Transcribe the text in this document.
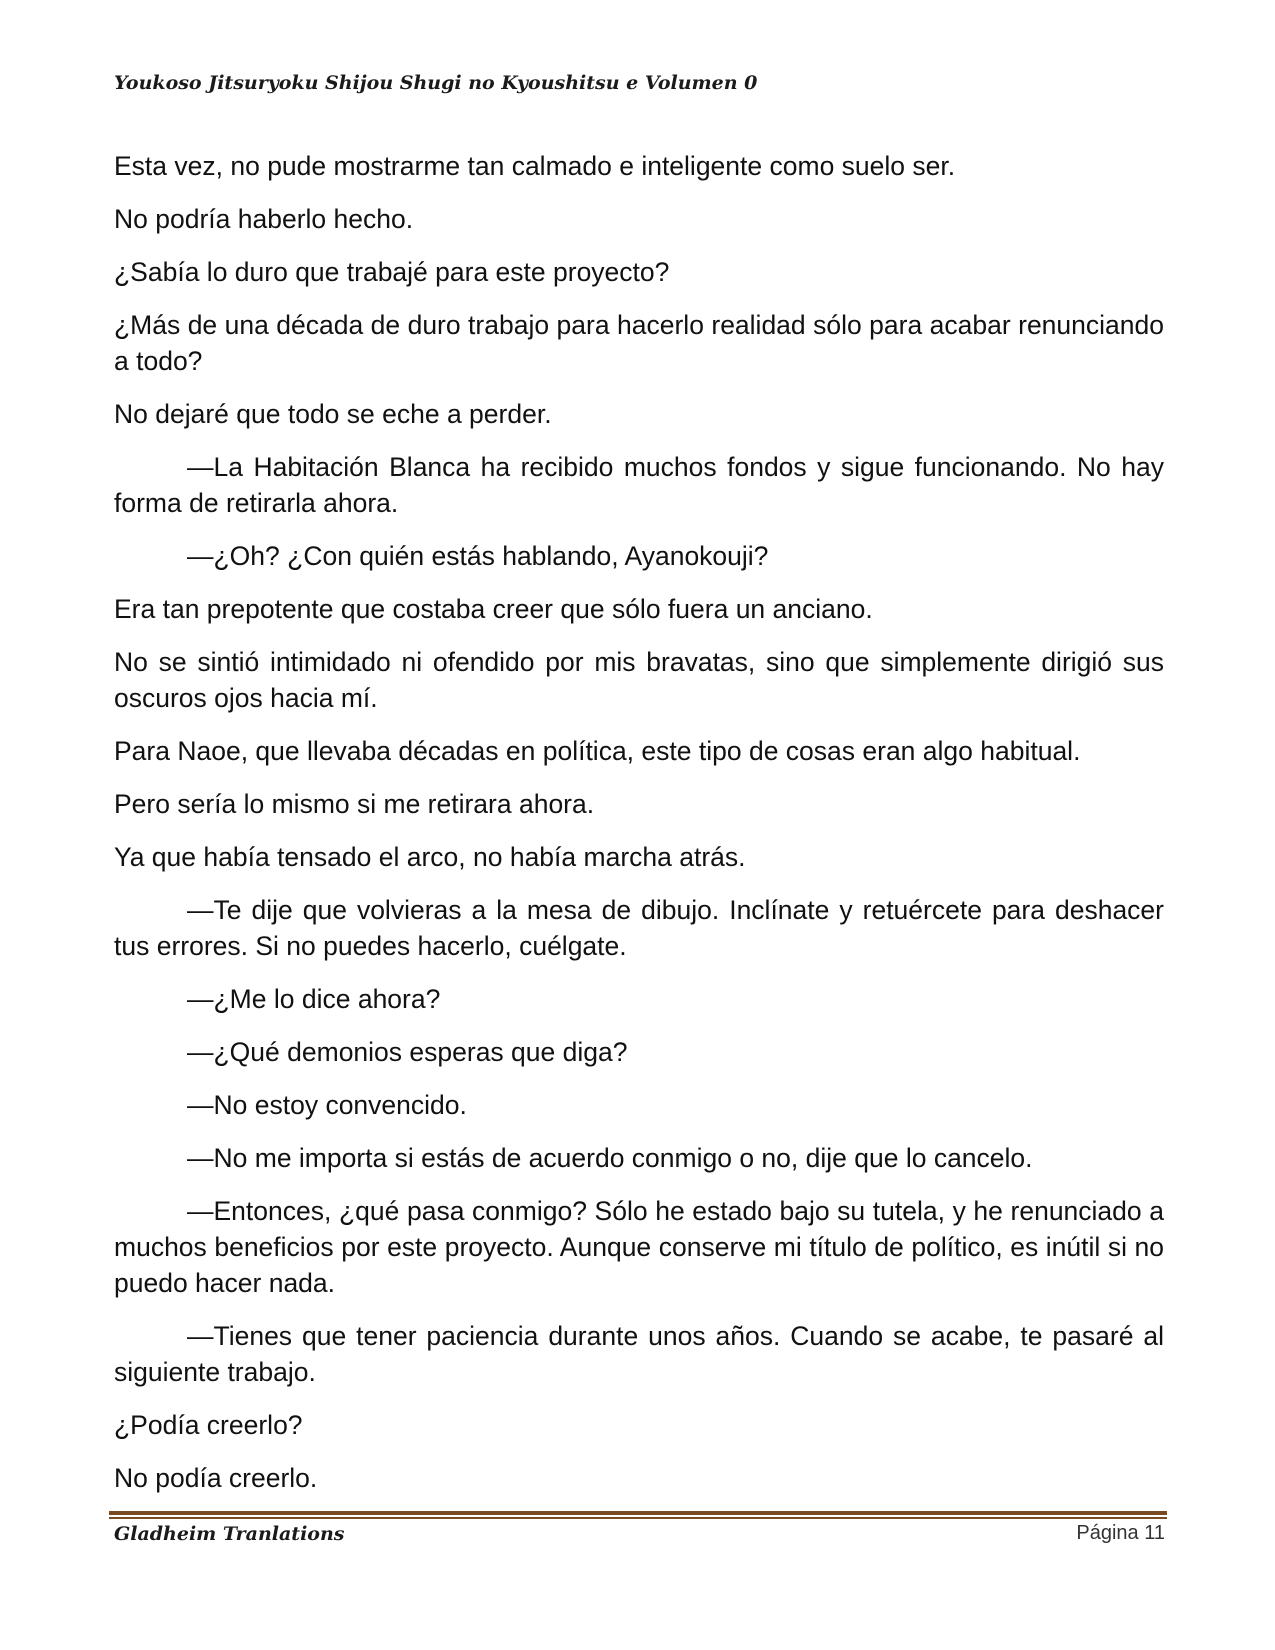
Youkoso Jitsuryoku Shijou Shugi no Kyoushitsu e Volumen 0

Esta vez, no pude mostrarme tan calmado e inteligente como suelo ser.

No podría haberlo hecho.

¿Sabía lo duro que trabajé para este proyecto?

¿Más de una década de duro trabajo para hacerlo realidad sólo para acabar renunciando a todo?

No dejaré que todo se eche a perder.

—La Habitación Blanca ha recibido muchos fondos y sigue funcionando. No hay forma de retirarla ahora.

—¿Oh? ¿Con quién estás hablando, Ayanokouji?

Era tan prepotente que costaba creer que sólo fuera un anciano.

No se sintió intimidado ni ofendido por mis bravatas, sino que simplemente dirigió sus oscuros ojos hacia mí.

Para Naoe, que llevaba décadas en política, este tipo de cosas eran algo habitual.

Pero sería lo mismo si me retirara ahora.

Ya que había tensado el arco, no había marcha atrás.

—Te dije que volvieras a la mesa de dibujo. Inclínate y retuércete para deshacer tus errores. Si no puedes hacerlo, cuélgate.

—¿Me lo dice ahora?

—¿Qué demonios esperas que diga?

—No estoy convencido.

—No me importa si estás de acuerdo conmigo o no, dije que lo cancelo.

—Entonces, ¿qué pasa conmigo? Sólo he estado bajo su tutela, y he renunciado a muchos beneficios por este proyecto. Aunque conserve mi título de político, es inútil si no puedo hacer nada.

—Tienes que tener paciencia durante unos años. Cuando se acabe, te pasaré al siguiente trabajo.

¿Podía creerlo?

No podía creerlo.

Gladheim Tranlations	Página 11
